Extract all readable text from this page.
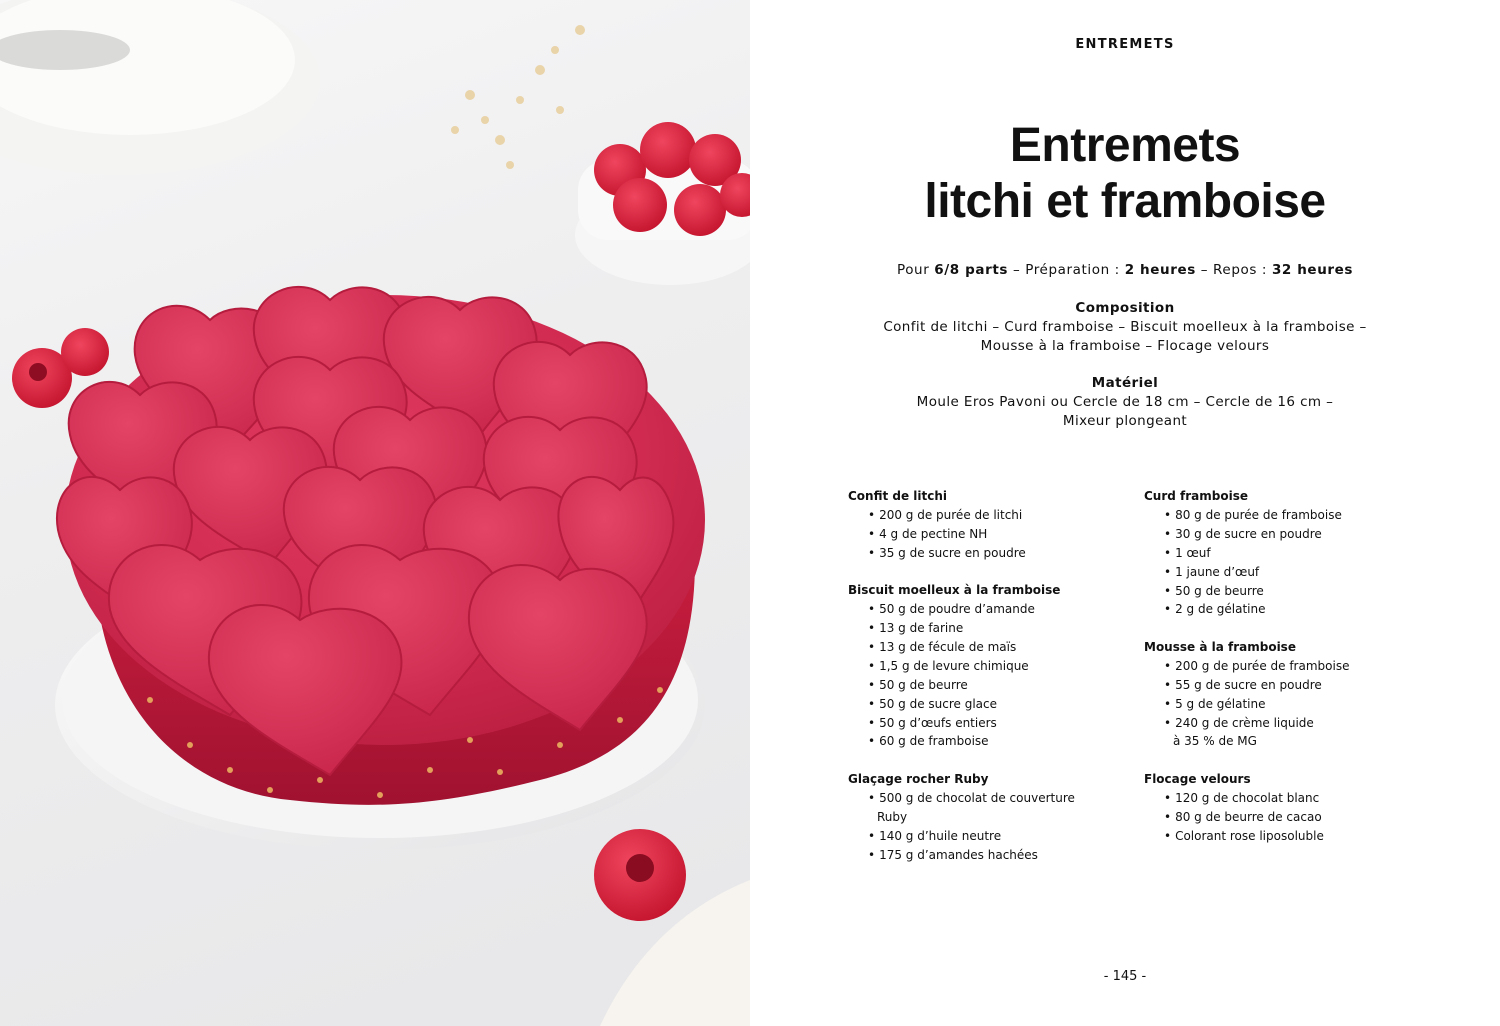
ENTREMETS
Entremets
litchi et framboise
Pour 6/8 parts – Préparation : 2 heures – Repos : 32 heures
Composition
Confit de litchi – Curd framboise – Biscuit moelleux à la framboise –
Mousse à la framboise – Flocage velours
Matériel
Moule Eros Pavoni ou Cercle de 18 cm – Cercle de 16 cm –
Mixeur plongeant
Confit de litchi
• 200 g de purée de litchi
• 4 g de pectine NH
• 35 g de sucre en poudre
Biscuit moelleux à la framboise
• 50 g de poudre d’amande
• 13 g de farine
• 13 g de fécule de maïs
• 1,5 g de levure chimique
• 50 g de beurre
• 50 g de sucre glace
• 50 g d’œufs entiers
• 60 g de framboise
Glaçage rocher Ruby
• 500 g de chocolat de couverture
Ruby
• 140 g d’huile neutre
• 175 g d’amandes hachées
Curd framboise
• 80 g de purée de framboise
• 30 g de sucre en poudre
• 1 œuf
• 1 jaune d’œuf
• 50 g de beurre
• 2 g de gélatine
Mousse à la framboise
• 200 g de purée de framboise
• 55 g de sucre en poudre
• 5 g de gélatine
• 240 g de crème liquide
à 35 % de MG
Flocage velours
• 120 g de chocolat blanc
• 80 g de beurre de cacao
• Colorant rose liposoluble
- 145 -
